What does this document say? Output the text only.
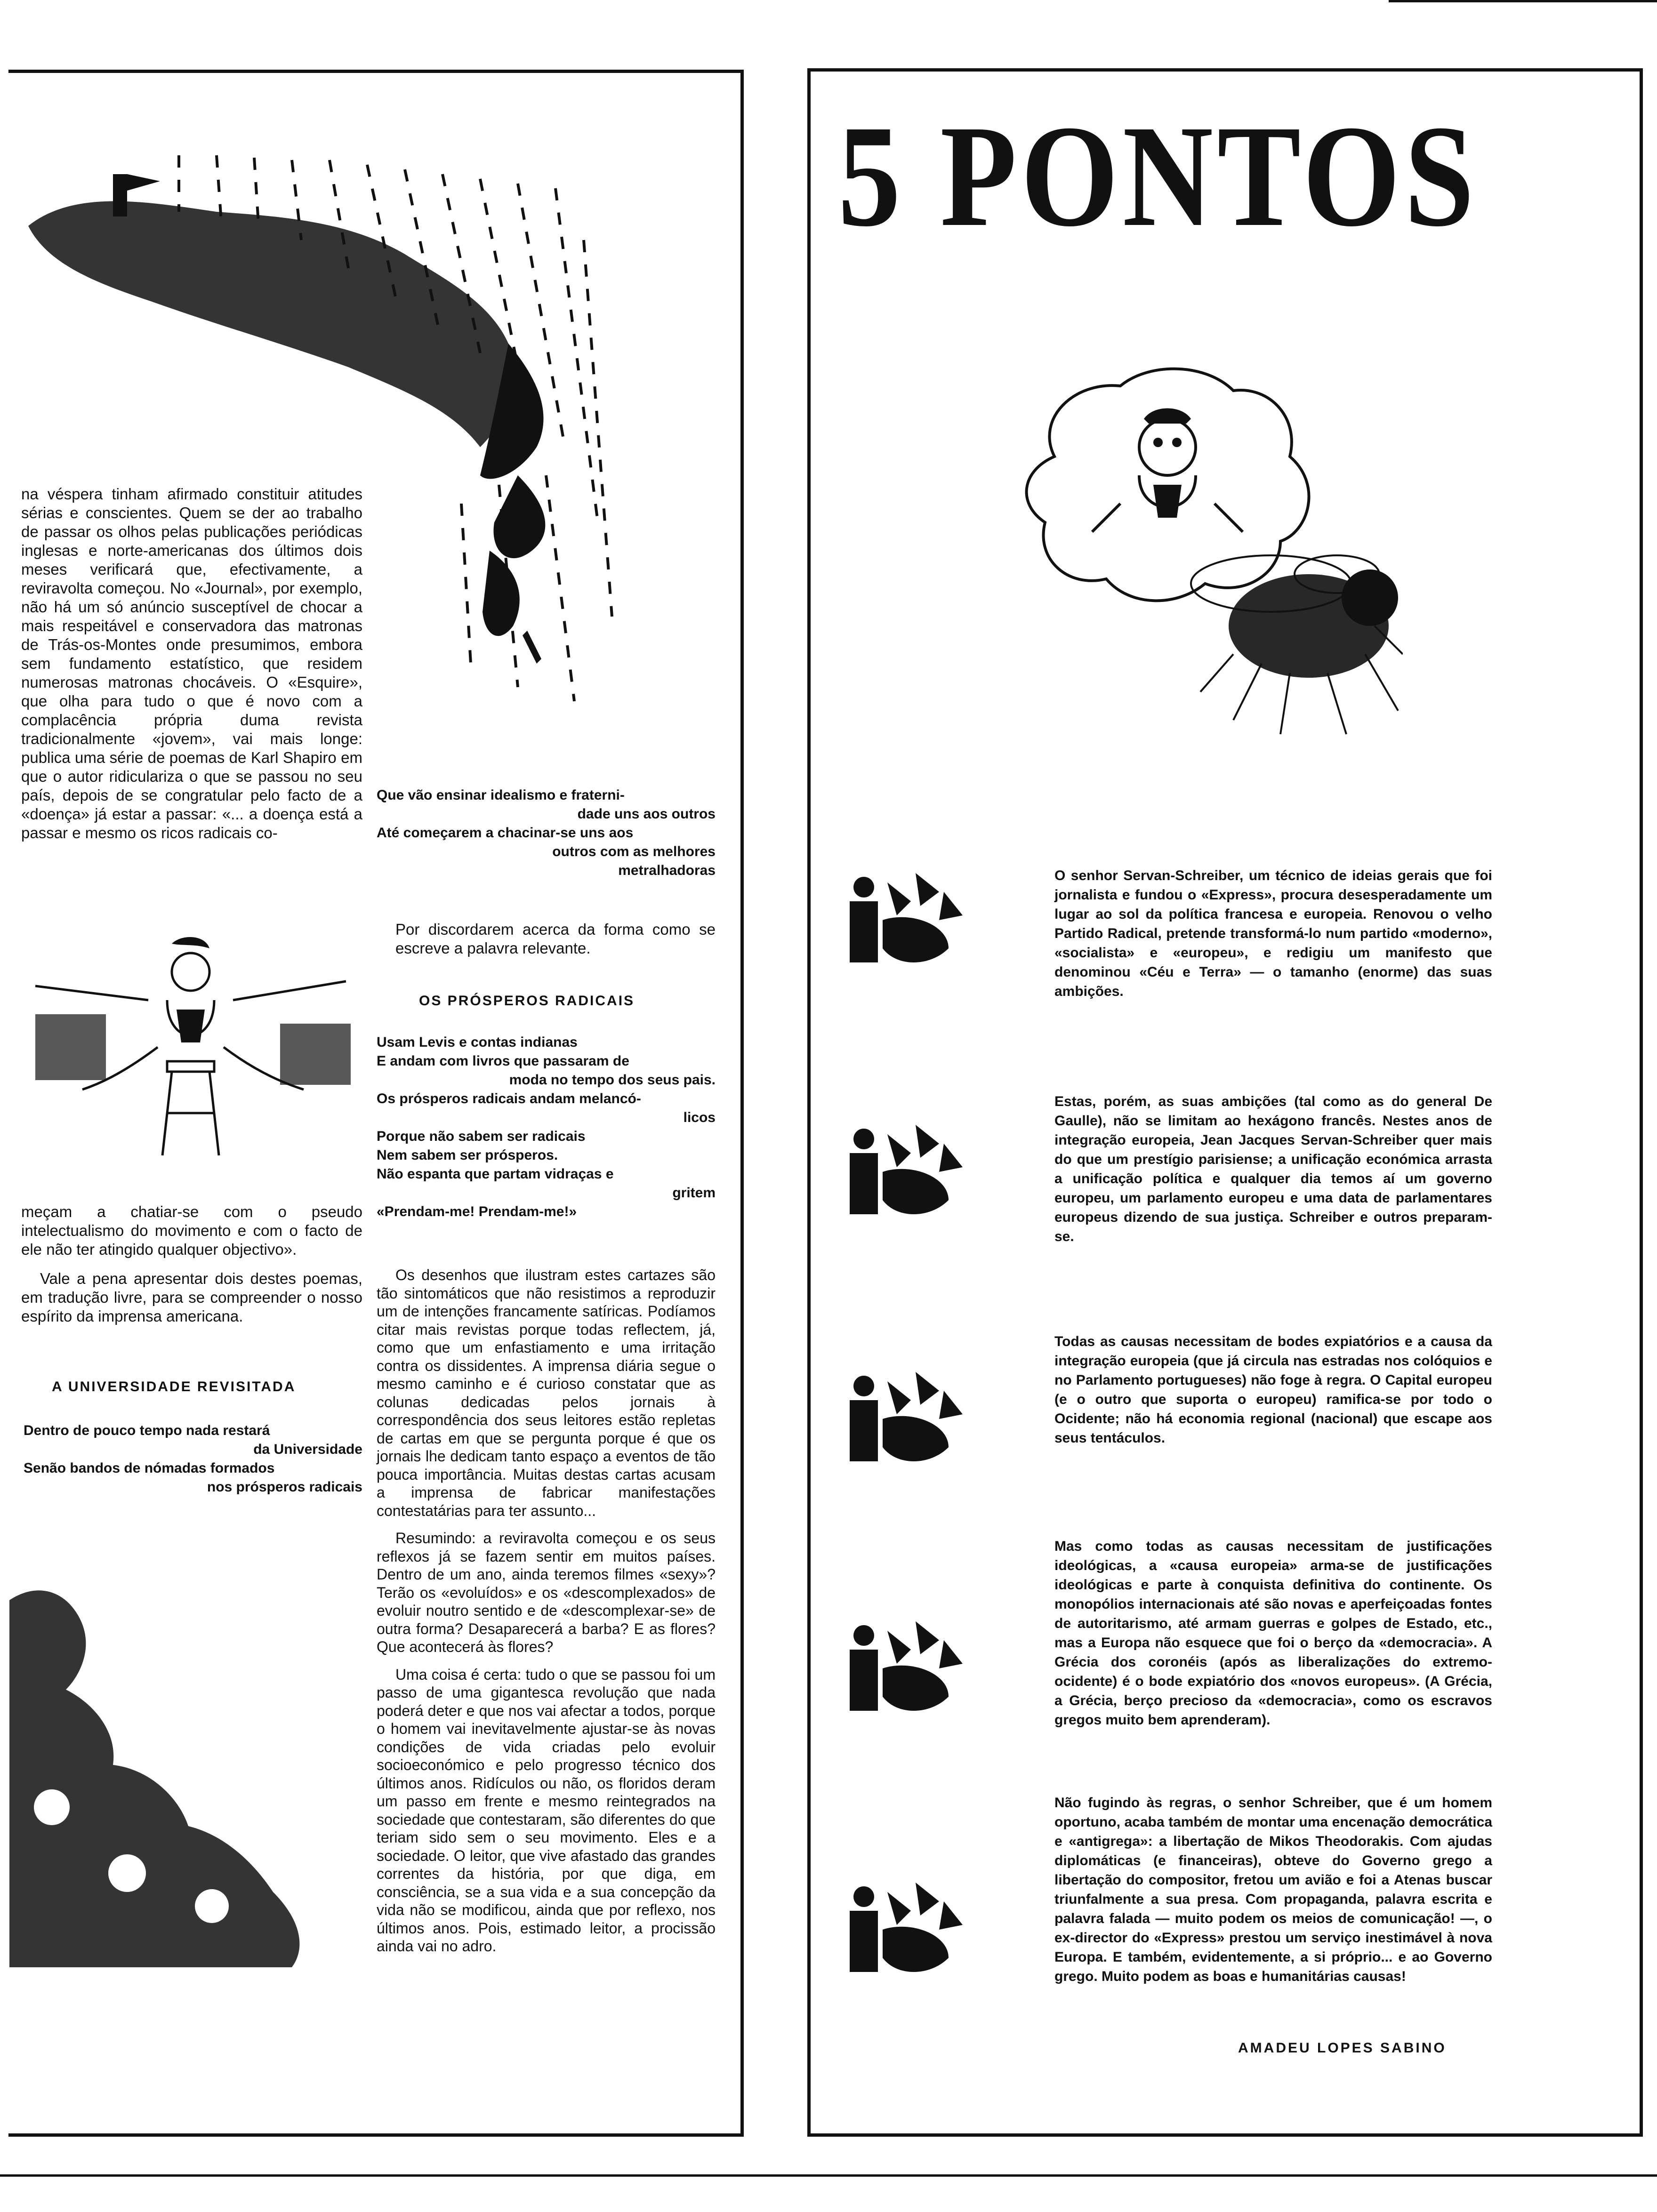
na véspera tinham afirmado constituir atitudes sérias e conscientes. Quem se der ao trabalho de passar os olhos pelas publicações periódicas inglesas e norte-americanas dos últimos dois meses verificará que, efectivamente, a reviravolta começou. No «Journal», por exemplo, não há um só anúncio susceptível de chocar a mais respeitável e conservadora das matronas de Trás-os-Montes onde presumimos, embora sem fundamento estatístico, que residem numerosas matronas chocáveis. O «Esquire», que olha para tudo o que é novo com a complacência própria duma revista tradicionalmente «jovem», vai mais longe: publica uma série de poemas de Karl Shapiro em que o autor ridiculariza o que se passou no seu país, depois de se congratular pelo facto de a «doença» já estar a passar: «... a doença está a passar e mesmo os ricos radicais co-
Que vão ensinar idealismo e fraterni-
dade uns aos outros
Até começarem a chacinar-se uns aos
outros com as melhores
metralhadoras
Por discordarem acerca da forma como se escreve a palavra relevante.

meçam a chatiar-se com o pseudo intelectualismo do movimento e com o facto de ele não ter atingido qualquer objectivo».

Vale a pena apresentar dois destes poemas, em tradução livre, para se compreender o nosso espírito da imprensa americana.

A UNIVERSIDADE REVISITADA
Dentro de pouco tempo nada restará
da Universidade
Senão bandos de nómadas formados
nos prósperos radicais
OS PRÓSPEROS RADICAIS
Usam Levis e contas indianas
E andam com livros que passaram de
moda no tempo dos seus pais.
Os prósperos radicais andam melancó-
licos
Porque não sabem ser radicais
Nem sabem ser prósperos.
Não espanta que partam vidraças e
gritem
«Prendam-me! Prendam-me!»

Os desenhos que ilustram estes cartazes são tão sintomáticos que não resistimos a reproduzir um de intenções francamente satíricas. Podíamos citar mais revistas porque todas reflectem, já, como que um enfastiamento e uma irritação contra os dissidentes. A imprensa diária segue o mesmo caminho e é curioso constatar que as colunas dedicadas pelos jornais à correspondência dos seus leitores estão repletas de cartas em que se pergunta porque é que os jornais lhe dedicam tanto espaço a eventos de tão pouca importância. Muitas destas cartas acusam a imprensa de fabricar manifestações contestatárias para ter assunto...

Resumindo: a reviravolta começou e os seus reflexos já se fazem sentir em muitos países. Dentro de um ano, ainda teremos filmes «sexy»? Terão os «evoluídos» e os «descomplexados» de evoluir noutro sentido e de «descomplexar-se» de outra forma? Desaparecerá a barba? E as flores? Que acontecerá às flores?

Uma coisa é certa: tudo o que se passou foi um passo de uma gigantesca revolução que nada poderá deter e que nos vai afectar a todos, porque o homem vai inevitavelmente ajustar-se às novas condições de vida criadas pelo evoluir socioeconómico e pelo progresso técnico dos últimos anos. Ridículos ou não, os floridos deram um passo em frente e mesmo reintegrados na sociedade que contestaram, são diferentes do que teriam sido sem o seu movimento. Eles e a sociedade. O leitor, que vive afastado das grandes correntes da história, por que diga, em consciência, se a sua vida e a sua concepção da vida não se modificou, ainda que por reflexo, nos últimos anos. Pois, estimado leitor, a procissão ainda vai no adro.

5 PONTOS
O senhor Servan-Schreiber, um técnico de ideias gerais que foi jornalista e fundou o «Express», procura desesperadamente um lugar ao sol da política francesa e europeia. Renovou o velho Partido Radical, pretende transformá-lo num partido «moderno», «socialista» e «europeu», e redigiu um manifesto que denominou «Céu e Terra» — o tamanho (enorme) das suas ambições.
Estas, porém, as suas ambições (tal como as do general De Gaulle), não se limitam ao hexágono francês. Nestes anos de integração europeia, Jean Jacques Servan-Schreiber quer mais do que um prestígio parisiense; a unificação económica arrasta a unificação política e qualquer dia temos aí um governo europeu, um parlamento europeu e uma data de parlamentares europeus dizendo de sua justiça. Schreiber e outros preparam-se.
Todas as causas necessitam de bodes expiatórios e a causa da integração europeia (que já circula nas estradas nos colóquios e no Parlamento portugueses) não foge à regra. O Capital europeu (e o outro que suporta o europeu) ramifica-se por todo o Ocidente; não há economia regional (nacional) que escape aos seus tentáculos.
Mas como todas as causas necessitam de justificações ideológicas, a «causa europeia» arma-se de justificações ideológicas e parte à conquista definitiva do continente. Os monopólios internacionais até são novas e aperfeiçoadas fontes de autoritarismo, até armam guerras e golpes de Estado, etc., mas a Europa não esquece que foi o berço da «democracia». A Grécia dos coronéis (após as liberalizações do extremo-ocidente) é o bode expiatório dos «novos europeus». (A Grécia, a Grécia, berço precioso da «democracia», como os escravos gregos muito bem aprenderam).
Não fugindo às regras, o senhor Schreiber, que é um homem oportuno, acaba também de montar uma encenação democrática e «antigrega»: a libertação de Mikos Theodorakis. Com ajudas diplomáticas (e financeiras), obteve do Governo grego a libertação do compositor, fretou um avião e foi a Atenas buscar triunfalmente a sua presa. Com propaganda, palavra escrita e palavra falada — muito podem os meios de comunicação! —, o ex-director do «Express» prestou um serviço inestimável à nova Europa. E também, evidentemente, a si próprio... e ao Governo grego. Muito podem as boas e humanitárias causas!
AMADEU LOPES SABINO
